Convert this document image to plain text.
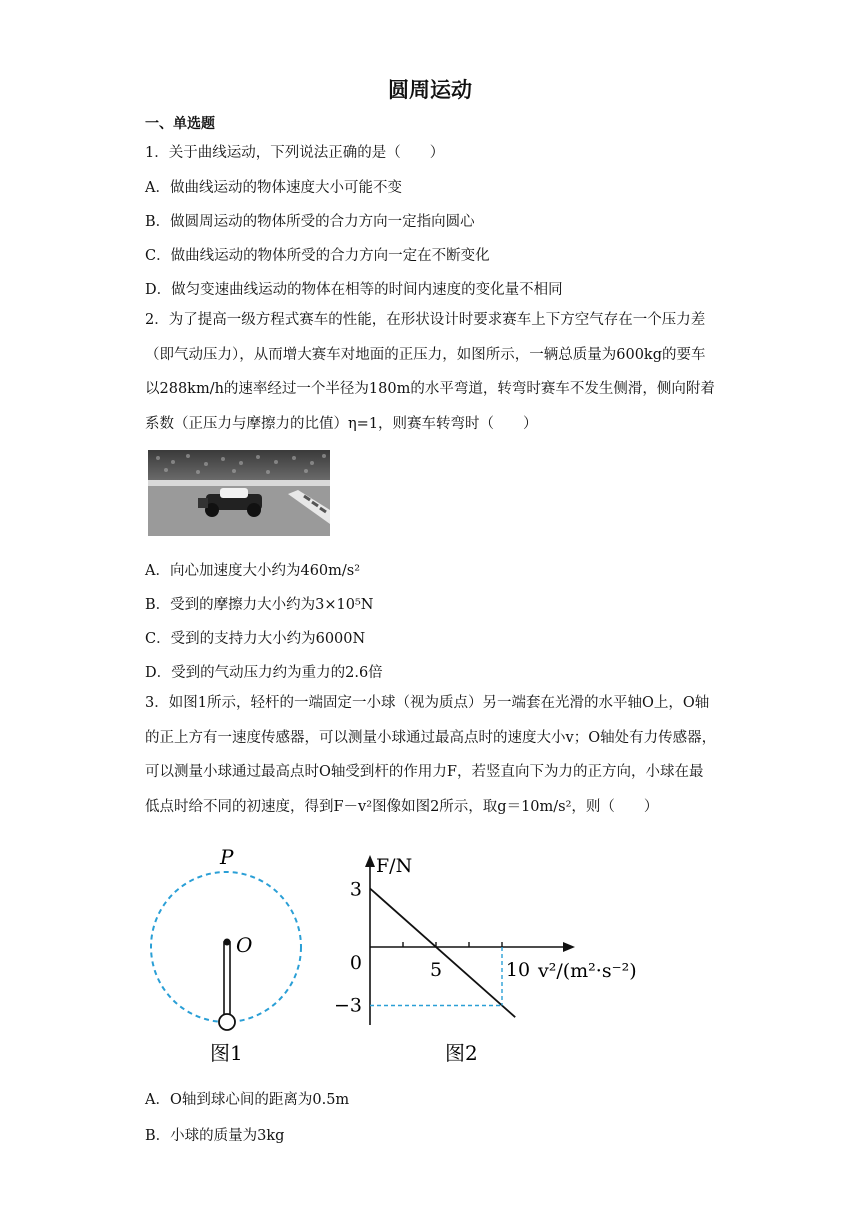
圆周运动
一、单选题
1．关于曲线运动，下列说法正确的是（　　）
A．做曲线运动的物体速度大小可能不变
B．做圆周运动的物体所受的合力方向一定指向圆心
C．做曲线运动的物体所受的合力方向一定在不断变化
D．做匀变速曲线运动的物体在相等的时间内速度的变化量不相同
2．为了提高一级方程式赛车的性能，在形状设计时要求赛车上下方空气存在一个压力差（即气动压力），从而增大赛车对地面的正压力，如图所示，一辆总质量为600kg的要车以288km/h的速率经过一个半径为180m的水平弯道，转弯时赛车不发生侧滑，侧向附着系数（正压力与摩擦力的比值）η=1，则赛车转弯时（　　）
A．向心加速度大小约为460m/s²
B．受到的摩擦力大小约为3×10⁵N
C．受到的支持力大小约为6000N
D．受到的气动压力约为重力的2.6倍
3．如图1所示，轻杆的一端固定一小球（视为质点）另一端套在光滑的水平轴O上，O轴的正上方有一速度传感器，可以测量小球通过最高点时的速度大小v；O轴处有力传感器，可以测量小球通过最高点时O轴受到杆的作用力F，若竖直向下为力的正方向，小球在最低点时给不同的初速度，得到F－v²图像如图2所示，取g＝10m/s²，则（　　）
P
O
图1
F/N
v²/(m²·s⁻²)
3
0
−3
5	10
图2
A．O轴到球心间的距离为0.5m
B．小球的质量为3kg
